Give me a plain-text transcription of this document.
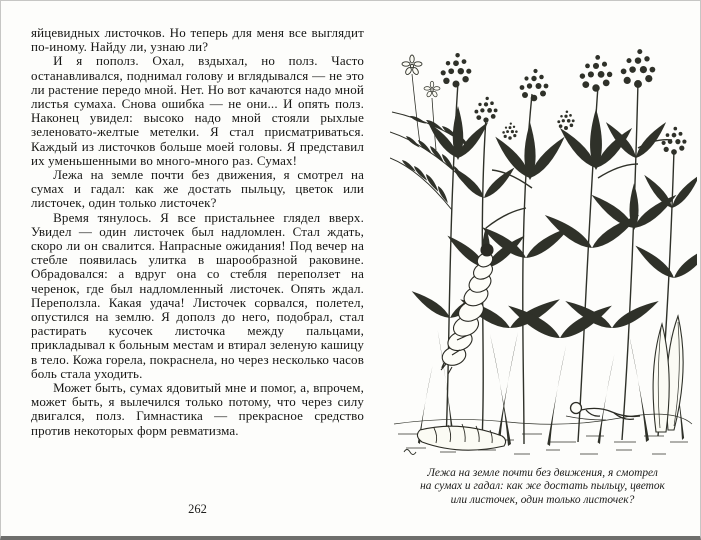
яйцевидных листочков. Но теперь для меня все выглядит по-иному. Найду ли, узнаю ли?

И я пополз. Охал, вздыхал, но полз. Часто останавливался, поднимал голову и вглядывался — не это ли растение передо мной. Нет. Но вот качаются надо мной листья сумаха. Снова ошибка — не они... И опять полз. Наконец увидел: высоко надо мной стояли рыхлые зеленовато-желтые метелки. Я стал присматриваться. Каждый из листочков больше моей головы. Я представил их уменьшенными во много-много раз. Сумах!

Лежа на земле почти без движения, я смотрел на сумах и гадал: как же достать пыльцу, цветок или листочек, один только листочек?

Время тянулось. Я все пристальнее глядел вверх. Увидел — один листочек был надломлен. Стал ждать, скоро ли он свалится. Напрасные ожидания! Под вечер на стебле появилась улитка в шарообразной раковине. Обрадовался: а вдруг она со стебля переползет на черенок, где был надломленный листочек. Опять ждал. Переползла. Какая удача! Листочек сорвался, полетел, опустился на землю. Я дополз до него, подобрал, стал растирать кусочек листочка между пальцами, прикладывал к больным местам и втирал зеленую кашицу в тело. Кожа горела, покраснела, но через несколько часов боль стала уходить.

Может быть, сумах ядовитый мне и помог, а, впрочем, может быть, я вылечился только потому, что через силу двигался, полз. Гимнастика — прекрасное средство против некоторых форм ревматизма.

262
Лежа на земле почти без движения, я смотрел
на сумах и гадал: как же достать пыльцу, цветок
или листочек, один только листочек?
